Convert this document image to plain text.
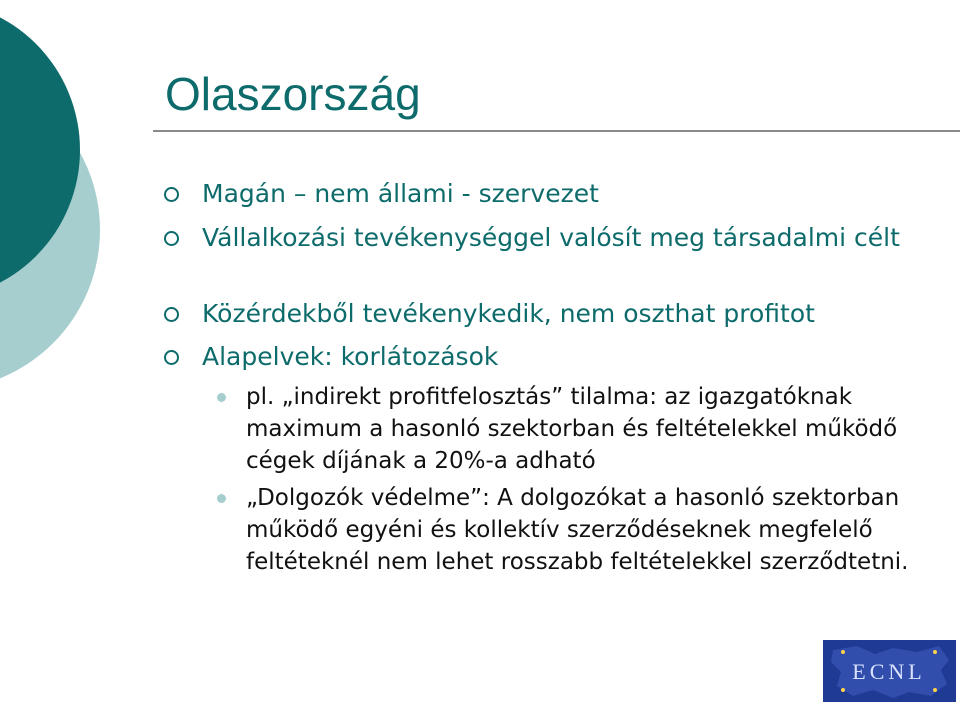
Olaszország
Magán – nem állami - szervezet
Vállalkozási tevékenységgel valósít meg társadalmi célt
Közérdekből tevékenykedik, nem oszthat profitot
Alapelvek: korlátozások
pl. „indirekt profitfelosztás” tilalma: az igazgatóknak maximum a hasonló szektorban és feltételekkel működő cégek díjának a 20%-a adható
„Dolgozók védelme”: A dolgozókat a hasonló szektorban működő egyéni és kollektív szerződéseknek megfelelő feltéteknél nem lehet rosszabb feltételekkel szerződtetni.
ECNL
